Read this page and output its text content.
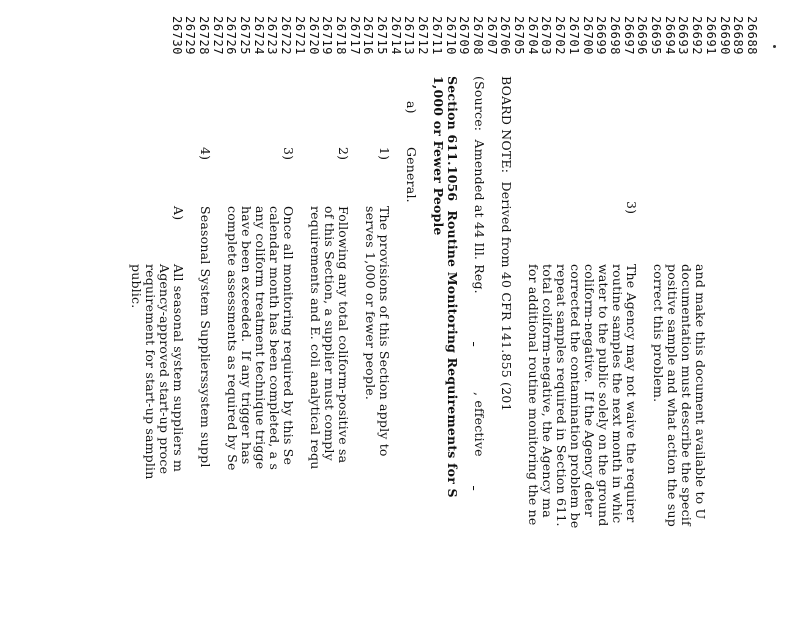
26688
26689
26690
26691
26692
26693
26694
26695
26696
26697
26698
26699
26700
26701
26702
26703
26704
26705
26706
26707
26708
26709
26710
26711
26712
26713
26714
26715
26716
26717
26718
26719
26720
26721
26722
26723
26724
26725
26726
26727
26728
26729
26730
and make this document available to U
documentation must describe the specif
positive sample and what action the sup
correct this problem.
3)
The Agency may not waive the requirer
routine samples the next month in whic
water to the public solely on the ground
coliform-negative.  If the Agency deter
corrected the contamination problem be
repeat samples required in Section 611.
total coliform-negative, the Agency ma
for additional routine monitoring the ne
BOARD NOTE:  Derived from 40 CFR 141.855 (201
(Source:  Amended at 44 Ill. Reg.

, effective

Section 611.1056  Routine Monitoring Requirements for S
1,000 or Fewer People
a)
General.
1)
The provisions of this Section apply to
serves 1,000 or fewer people.
2)
Following any total coliform-positive sa
of this Section, a supplier must comply
requirements and E. coli analytical requ
3)
Once all monitoring required by this Se
calendar month has been completed, a s
any coliform treatment technique trigge
have been exceeded.  If any trigger has
complete assessments as required by Se
4)
Seasonal System Supplierssystem suppl
A)
All seasonal system suppliers m
Agency-approved start-up proce
requirement for start-up samplin
public.
